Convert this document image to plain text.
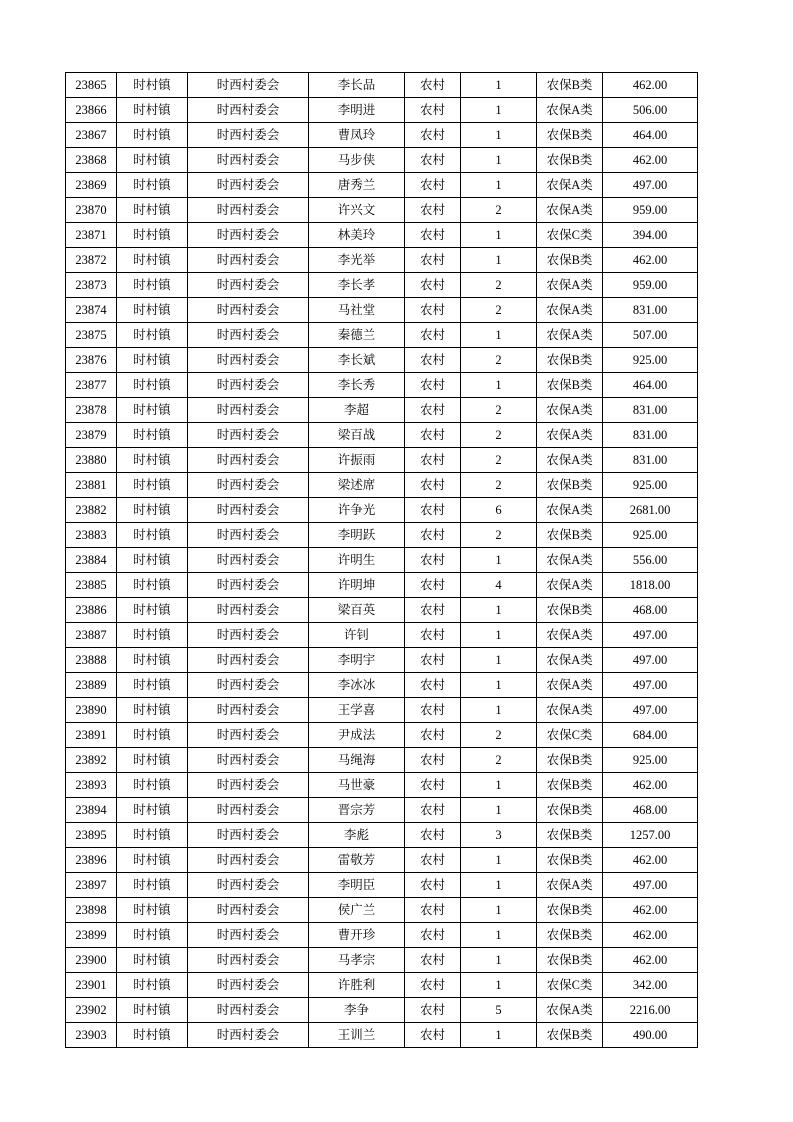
23865	时村镇	时西村委会	李长品	农村	1	农保B类	462.00
23866	时村镇	时西村委会	李明进	农村	1	农保A类	506.00
23867	时村镇	时西村委会	曹凤玲	农村	1	农保B类	464.00
23868	时村镇	时西村委会	马步侠	农村	1	农保B类	462.00
23869	时村镇	时西村委会	唐秀兰	农村	1	农保A类	497.00
23870	时村镇	时西村委会	许兴文	农村	2	农保A类	959.00
23871	时村镇	时西村委会	林美玲	农村	1	农保C类	394.00
23872	时村镇	时西村委会	李光举	农村	1	农保B类	462.00
23873	时村镇	时西村委会	李长孝	农村	2	农保A类	959.00
23874	时村镇	时西村委会	马社堂	农村	2	农保A类	831.00
23875	时村镇	时西村委会	秦德兰	农村	1	农保A类	507.00
23876	时村镇	时西村委会	李长斌	农村	2	农保B类	925.00
23877	时村镇	时西村委会	李长秀	农村	1	农保B类	464.00
23878	时村镇	时西村委会	李超	农村	2	农保A类	831.00
23879	时村镇	时西村委会	梁百战	农村	2	农保A类	831.00
23880	时村镇	时西村委会	许振雨	农村	2	农保A类	831.00
23881	时村镇	时西村委会	梁述席	农村	2	农保B类	925.00
23882	时村镇	时西村委会	许争光	农村	6	农保A类	2681.00
23883	时村镇	时西村委会	李明跃	农村	2	农保B类	925.00
23884	时村镇	时西村委会	许明生	农村	1	农保A类	556.00
23885	时村镇	时西村委会	许明坤	农村	4	农保A类	1818.00
23886	时村镇	时西村委会	梁百英	农村	1	农保B类	468.00
23887	时村镇	时西村委会	许钊	农村	1	农保A类	497.00
23888	时村镇	时西村委会	李明宇	农村	1	农保A类	497.00
23889	时村镇	时西村委会	李冰冰	农村	1	农保A类	497.00
23890	时村镇	时西村委会	王学喜	农村	1	农保A类	497.00
23891	时村镇	时西村委会	尹成法	农村	2	农保C类	684.00
23892	时村镇	时西村委会	马绳海	农村	2	农保B类	925.00
23893	时村镇	时西村委会	马世豪	农村	1	农保B类	462.00
23894	时村镇	时西村委会	晋宗芳	农村	1	农保B类	468.00
23895	时村镇	时西村委会	李彪	农村	3	农保B类	1257.00
23896	时村镇	时西村委会	雷敬芳	农村	1	农保B类	462.00
23897	时村镇	时西村委会	李明臣	农村	1	农保A类	497.00
23898	时村镇	时西村委会	侯广兰	农村	1	农保B类	462.00
23899	时村镇	时西村委会	曹开珍	农村	1	农保B类	462.00
23900	时村镇	时西村委会	马孝宗	农村	1	农保B类	462.00
23901	时村镇	时西村委会	许胜利	农村	1	农保C类	342.00
23902	时村镇	时西村委会	李争	农村	5	农保A类	2216.00
23903	时村镇	时西村委会	王训兰	农村	1	农保B类	490.00
